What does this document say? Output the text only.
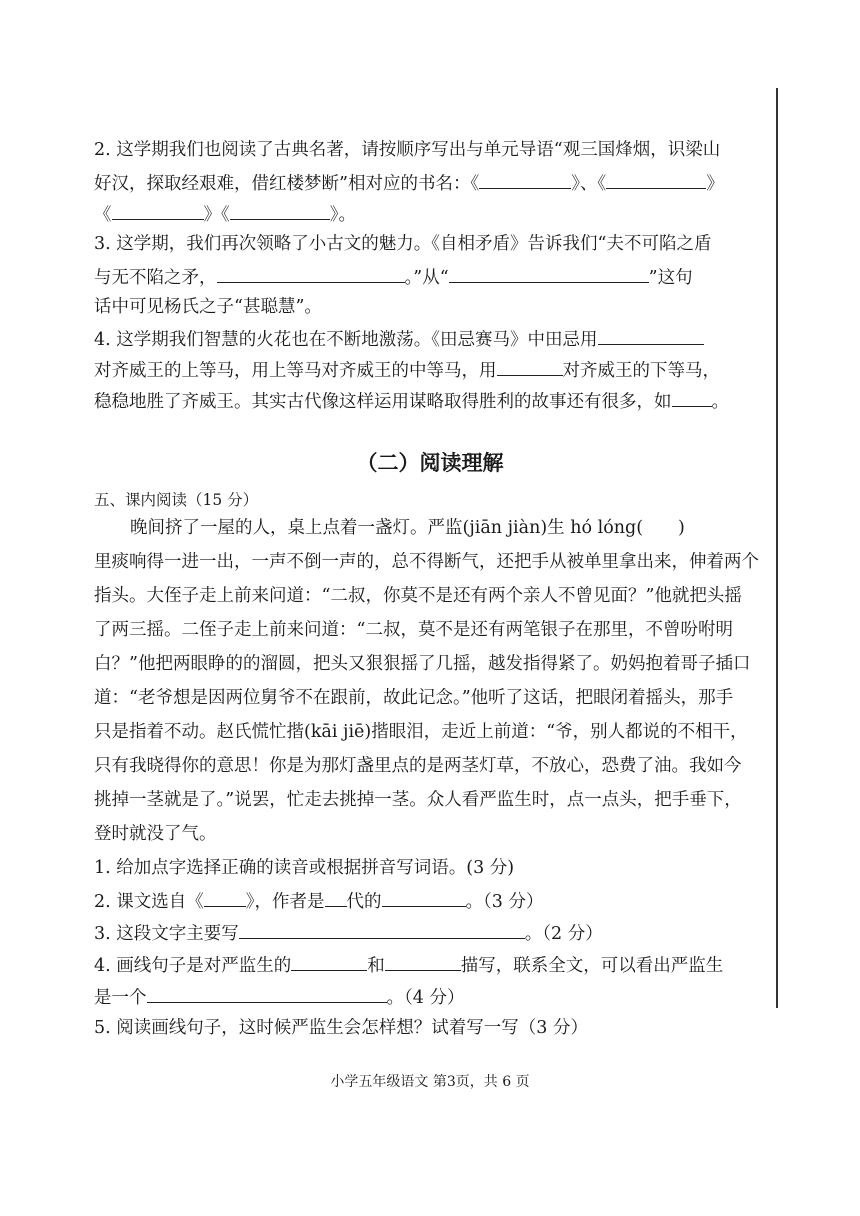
2. 这学期我们也阅读了古典名著，请按顺序写出与单元导语“观三国烽烟，识梁山
好汉，探取经艰难，借红楼梦断”相对应的书名：《	》、《	》
《	》《	》。
3. 这学期，我们再次领略了小古文的魅力。《自相矛盾》告诉我们“夫不可陷之盾
与无不陷之矛，	。”从“	”这句
话中可见杨氏之子“甚聪慧”。
4. 这学期我们智慧的火花也在不断地激荡。《田忌赛马》中田忌用
对齐威王的上等马，用上等马对齐威王的中等马，用	对齐威王的下等马，
稳稳地胜了齐威王。其实古代像这样运用谋略取得胜利的故事还有很多，如 。
（二）阅读理解
五、课内阅读（15 分）
晚间挤了一屋的人，桌上点着一盏灯。严监(jiān jiàn)生 hó lóng(　　)
里痰响得一进一出，一声不倒一声的，总不得断气，还把手从被单里拿出来，伸着两个
指头。大侄子走上前来问道：“二叔，你莫不是还有两个亲人不曾见面？”他就把头摇
了两三摇。二侄子走上前来问道：“二叔，莫不是还有两笔银子在那里，不曾吩咐明
白？”他把两眼睁的的溜圆，把头又狠狠摇了几摇，越发指得紧了。奶妈抱着哥子插口
道：“老爷想是因两位舅爷不在跟前，故此记念。”他听了这话，把眼闭着摇头，那手
只是指着不动。赵氏慌忙揩(kāi jiē)揩眼泪，走近上前道：“爷，别人都说的不相干，
只有我晓得你的意思！你是为那灯盏里点的是两茎灯草，不放心，恐费了油。我如今
挑掉一茎就是了。”说罢，忙走去挑掉一茎。众人看严监生时，点一点头，把手垂下，
登时就没了气。
1. 给加点字选择正确的读音或根据拼音写词语。(3 分)
2. 课文选自《 》，作者是 代的	。（3 分）
3. 这段文字主要写	。（2 分）
4. 画线句子是对严监生的	和	描写，联系全文，可以看出严监生
是一个	。（4 分）
5. 阅读画线句子，这时候严监生会怎样想？试着写一写（3 分）
小学五年级语文 第3页，共 6 页
